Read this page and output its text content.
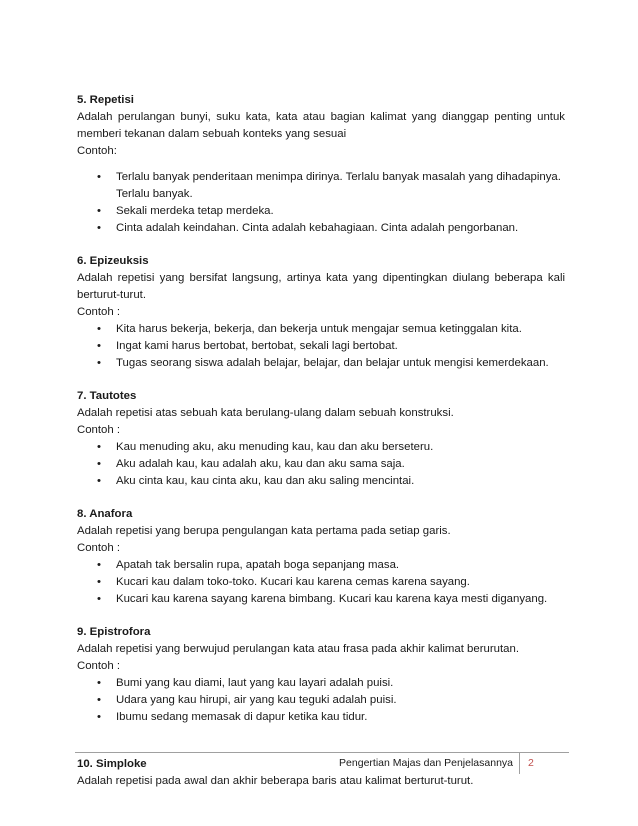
5. Repetisi
Adalah perulangan bunyi, suku kata, kata atau bagian kalimat yang dianggap penting untuk memberi tekanan dalam sebuah konteks yang sesuai
Contoh:
• Terlalu banyak penderitaan menimpa dirinya. Terlalu banyak masalah yang dihadapinya. Terlalu banyak.
• Sekali merdeka tetap merdeka.
• Cinta adalah keindahan. Cinta adalah kebahagiaan. Cinta adalah pengorbanan.
6. Epizeuksis
Adalah repetisi yang bersifat langsung, artinya kata yang dipentingkan diulang beberapa kali berturut-turut.
Contoh :
• Kita harus bekerja, bekerja, dan bekerja untuk mengajar semua ketinggalan kita.
• Ingat kami harus bertobat, bertobat, sekali lagi bertobat.
• Tugas seorang siswa adalah belajar, belajar, dan belajar untuk mengisi kemerdekaan.
7. Tautotes
Adalah repetisi atas sebuah kata berulang-ulang dalam sebuah konstruksi.
Contoh :
• Kau menuding aku, aku menuding kau, kau dan aku berseteru.
• Aku adalah kau, kau adalah aku, kau dan aku sama saja.
• Aku cinta kau, kau cinta aku, kau dan aku saling mencintai.
8. Anafora
Adalah repetisi yang berupa pengulangan kata pertama pada setiap garis.
Contoh :
• Apatah tak bersalin rupa, apatah boga sepanjang masa.
• Kucari kau dalam toko-toko. Kucari kau karena cemas karena sayang.
• Kucari kau karena sayang karena bimbang. Kucari kau karena kaya mesti diganyang.
9. Epistrofora
Adalah repetisi yang berwujud perulangan kata atau frasa pada akhir kalimat berurutan.
Contoh :
• Bumi yang kau diami, laut yang kau layari adalah puisi.
• Udara yang kau hirupi, air yang kau teguki adalah puisi.
• Ibumu sedang memasak di dapur ketika kau tidur.
10. Simploke
Adalah repetisi pada awal dan akhir beberapa baris atau kalimat berturut-turut.
Pengertian Majas dan Penjelasannya	2
